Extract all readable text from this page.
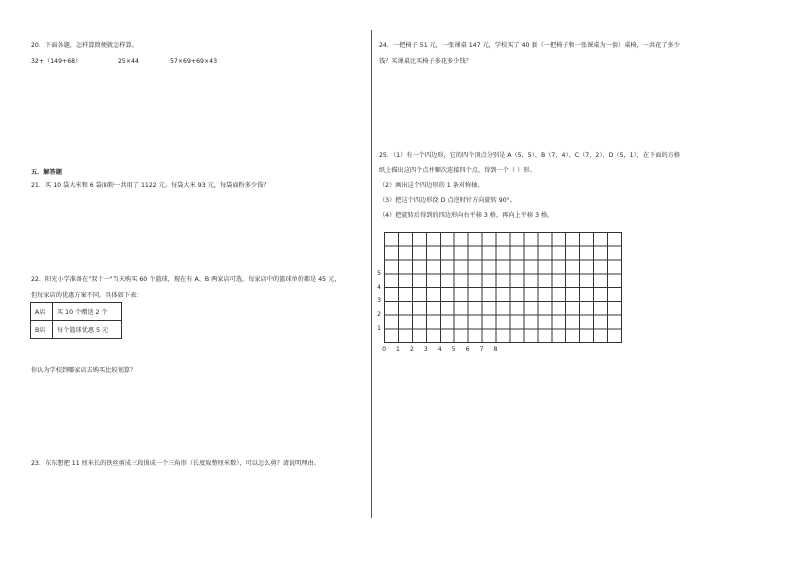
20．下面各题，怎样算简便就怎样算。
32+（149+68）	25×44	57×69+69×43
五．解答题
21．买 10 袋大米和 6 袋面粉一共用了 1122 元。每袋大米 93 元，每袋面粉多少钱？
22．阳光小学准备在"双十一"当天购买 60 个篮球，现在有 A、B 两家店可选，每家店中的篮球单价都是 45 元，
但每家店的优惠方案不同，具体如下表：
A店	买 10 个赠送 2 个
B店	每个篮球优惠 5 元
你认为学校到哪家店去购买比较划算？
23．东东想把 11 厘米长的铁丝剪成三段围成一个三角形（长度取整厘米数），可以怎么剪？请说明理由。
24．一把椅子 51 元，一张课桌 147 元，学校买了 40 套（一把椅子和一张课桌为一套）桌椅，一共花了多少
钱？买课桌比买椅子多花多少钱？
25．（1）有一个四边形，它的四个顶点分别是 A（5，5）、B（7，4）、C（7，2）、D（5，1），在下面的方格
纸上描出这四个点并顺次连接四个点，得到一个（ ）形。
（2）画出这个四边形的 1 条对称轴。
（3）把这个四边形绕 D 点逆时针方向旋转 90°。
（4）把旋转后得到的四边形向右平移 3 格，再向上平移 3 格。
1
2
3
4
5
0 1 2 3 4 5 6 7 8
